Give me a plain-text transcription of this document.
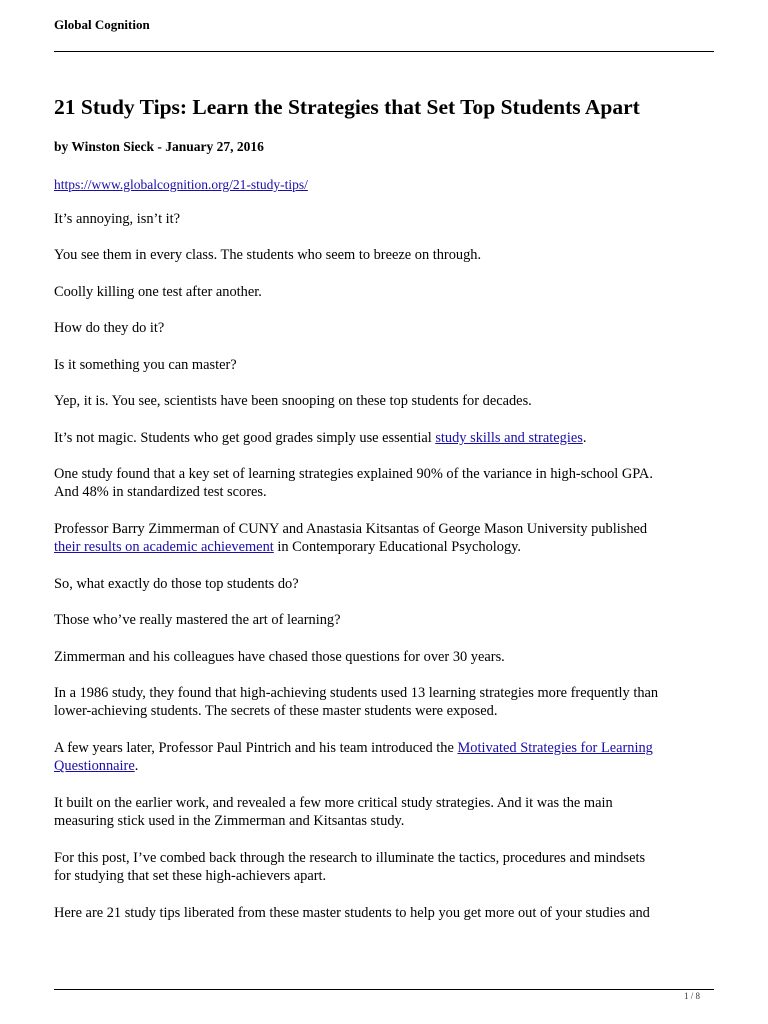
Global Cognition
21 Study Tips: Learn the Strategies that Set Top Students Apart
by Winston Sieck - January 27, 2016
https://www.globalcognition.org/21-study-tips/

It’s annoying, isn’t it?

You see them in every class. The students who seem to breeze on through.

Coolly killing one test after another.

How do they do it?

Is it something you can master?

Yep, it is. You see, scientists have been snooping on these top students for decades.

It’s not magic. Students who get good grades simply use essential study skills and strategies.

One study found that a key set of learning strategies explained 90% of the variance in high-school GPA.
And 48% in standardized test scores.

Professor Barry Zimmerman of CUNY and Anastasia Kitsantas of George Mason University published
their results on academic achievement in Contemporary Educational Psychology.

So, what exactly do those top students do?

Those who’ve really mastered the art of learning?

Zimmerman and his colleagues have chased those questions for over 30 years.

In a 1986 study, they found that high-achieving students used 13 learning strategies more frequently than
lower-achieving students. The secrets of these master students were exposed.

A few years later, Professor Paul Pintrich and his team introduced the Motivated Strategies for Learning
Questionnaire.

It built on the earlier work, and revealed a few more critical study strategies. And it was the main
measuring stick used in the Zimmerman and Kitsantas study.

For this post, I’ve combed back through the research to illuminate the tactics, procedures and mindsets
for studying that set these high-achievers apart.

Here are 21 study tips liberated from these master students to help you get more out of your studies and

1 / 8
